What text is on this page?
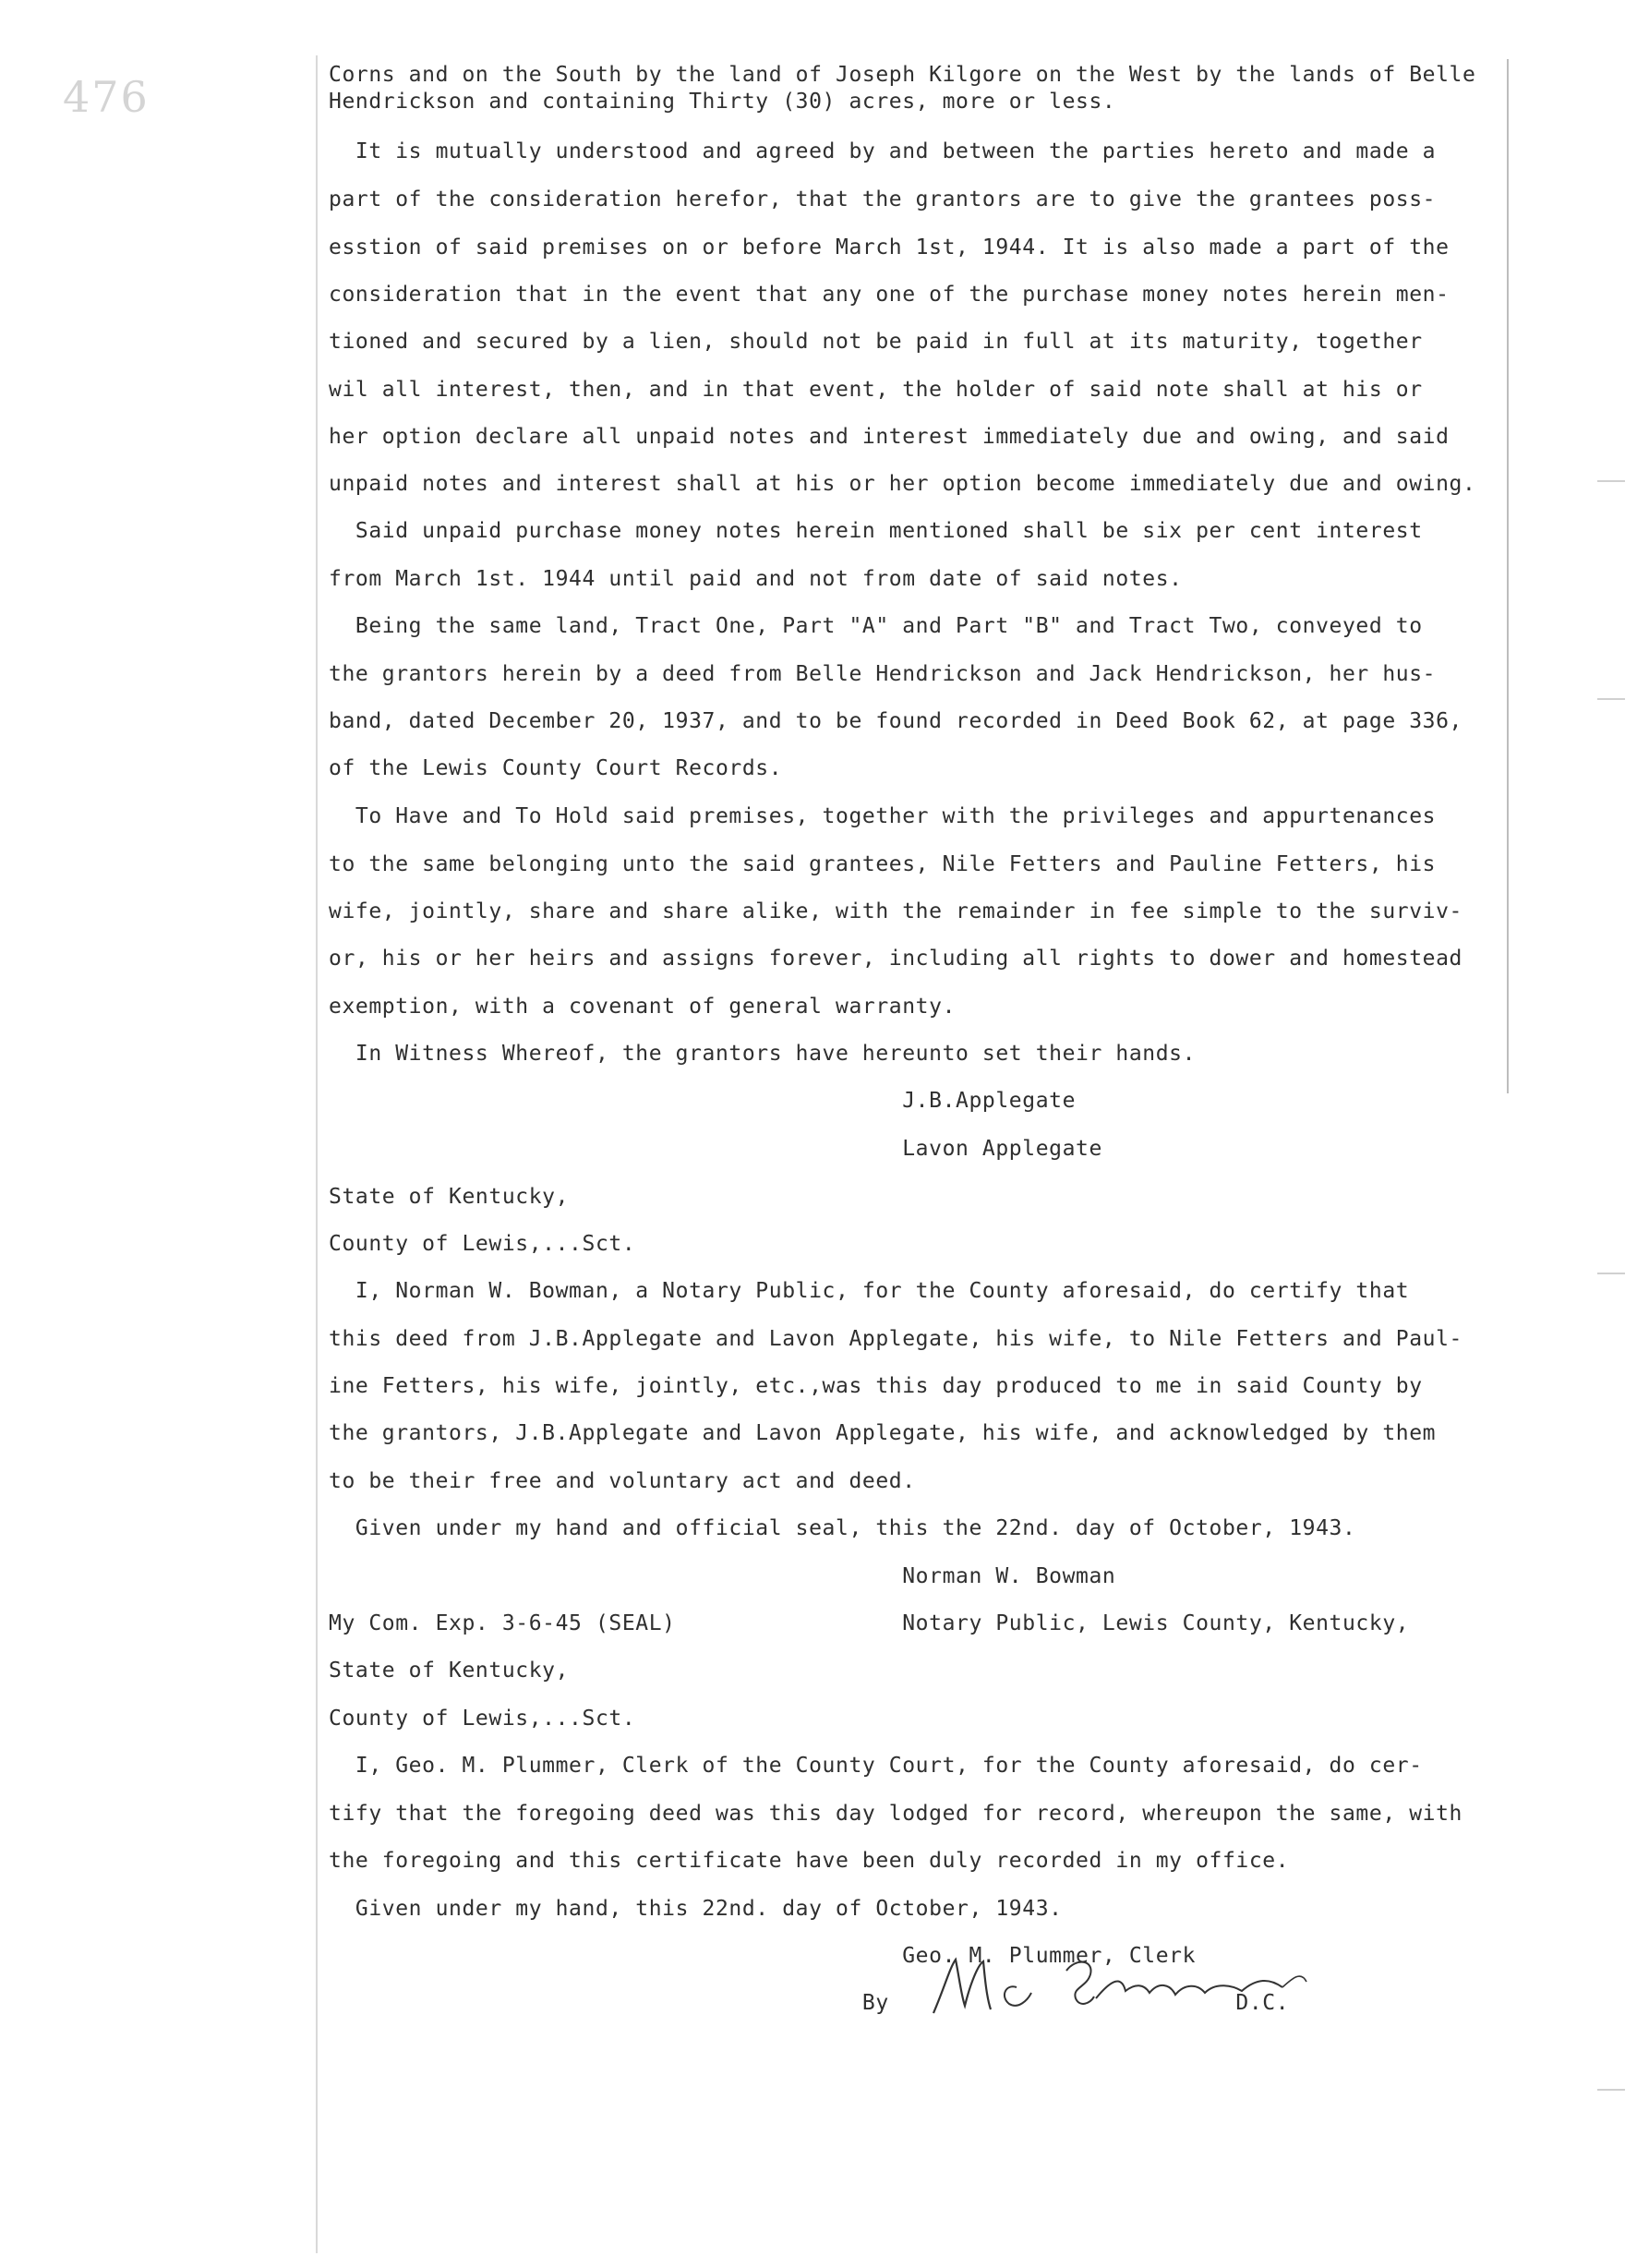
476	Corns and on the South by the land of Joseph Kilgore on the West by the lands of Belle
Hendrickson and containing Thirty (30) acres, more or less.
It is mutually understood and agreed by and between the parties hereto and made a
part of the consideration herefor, that the grantors are to give the grantees poss-
esstion of said premises on or before March 1st, 1944. It is also made a part of the
consideration that in the event that any one of the purchase money notes herein men-
tioned and secured by a lien, should not be paid in full at its maturity, together
wil all interest, then, and in that event, the holder of said note shall at his or
her option declare all unpaid notes and interest immediately due and owing, and said
unpaid notes and interest shall at his or her option become immediately due and owing.
Said unpaid purchase money notes herein mentioned shall be six per cent interest
from March 1st. 1944 until paid and not from date of said notes.
Being the same land, Tract One, Part "A" and Part "B" and Tract Two, conveyed to
the grantors herein by a deed from Belle Hendrickson and Jack Hendrickson, her hus-
band, dated December 20, 1937, and to be found recorded in Deed Book 62, at page 336,
of the Lewis County Court Records.
To Have and To Hold said premises, together with the privileges and appurtenances
to the same belonging unto the said grantees, Nile Fetters and Pauline Fetters, his
wife, jointly, share and share alike, with the remainder in fee simple to the surviv-
or, his or her heirs and assigns forever, including all rights to dower and homestead
exemption, with a covenant of general warranty.
In Witness Whereof, the grantors have hereunto set their hands.
J.B.Applegate
Lavon Applegate
State of Kentucky,
County of Lewis,...Sct.
I, Norman W. Bowman, a Notary Public, for the County aforesaid, do certify that
this deed from J.B.Applegate and Lavon Applegate, his wife, to Nile Fetters and Paul-
ine Fetters, his wife, jointly, etc.,was this day produced to me in said County by
the grantors, J.B.Applegate and Lavon Applegate, his wife, and acknowledged by them
to be their free and voluntary act and deed.
Given under my hand and official seal, this the 22nd. day of October, 1943.
Norman W. Bowman
My Com. Exp. 3-6-45 (SEAL)                 Notary Public, Lewis County, Kentucky,
State of Kentucky,
County of Lewis,...Sct.
I, Geo. M. Plummer, Clerk of the County Court, for the County aforesaid, do cer-
tify that the foregoing deed was this day lodged for record, whereupon the same, with
the foregoing and this certificate have been duly recorded in my office.
Given under my hand, this 22nd. day of October, 1943.
Geo. M. Plummer, Clerk
By                          D.C.
